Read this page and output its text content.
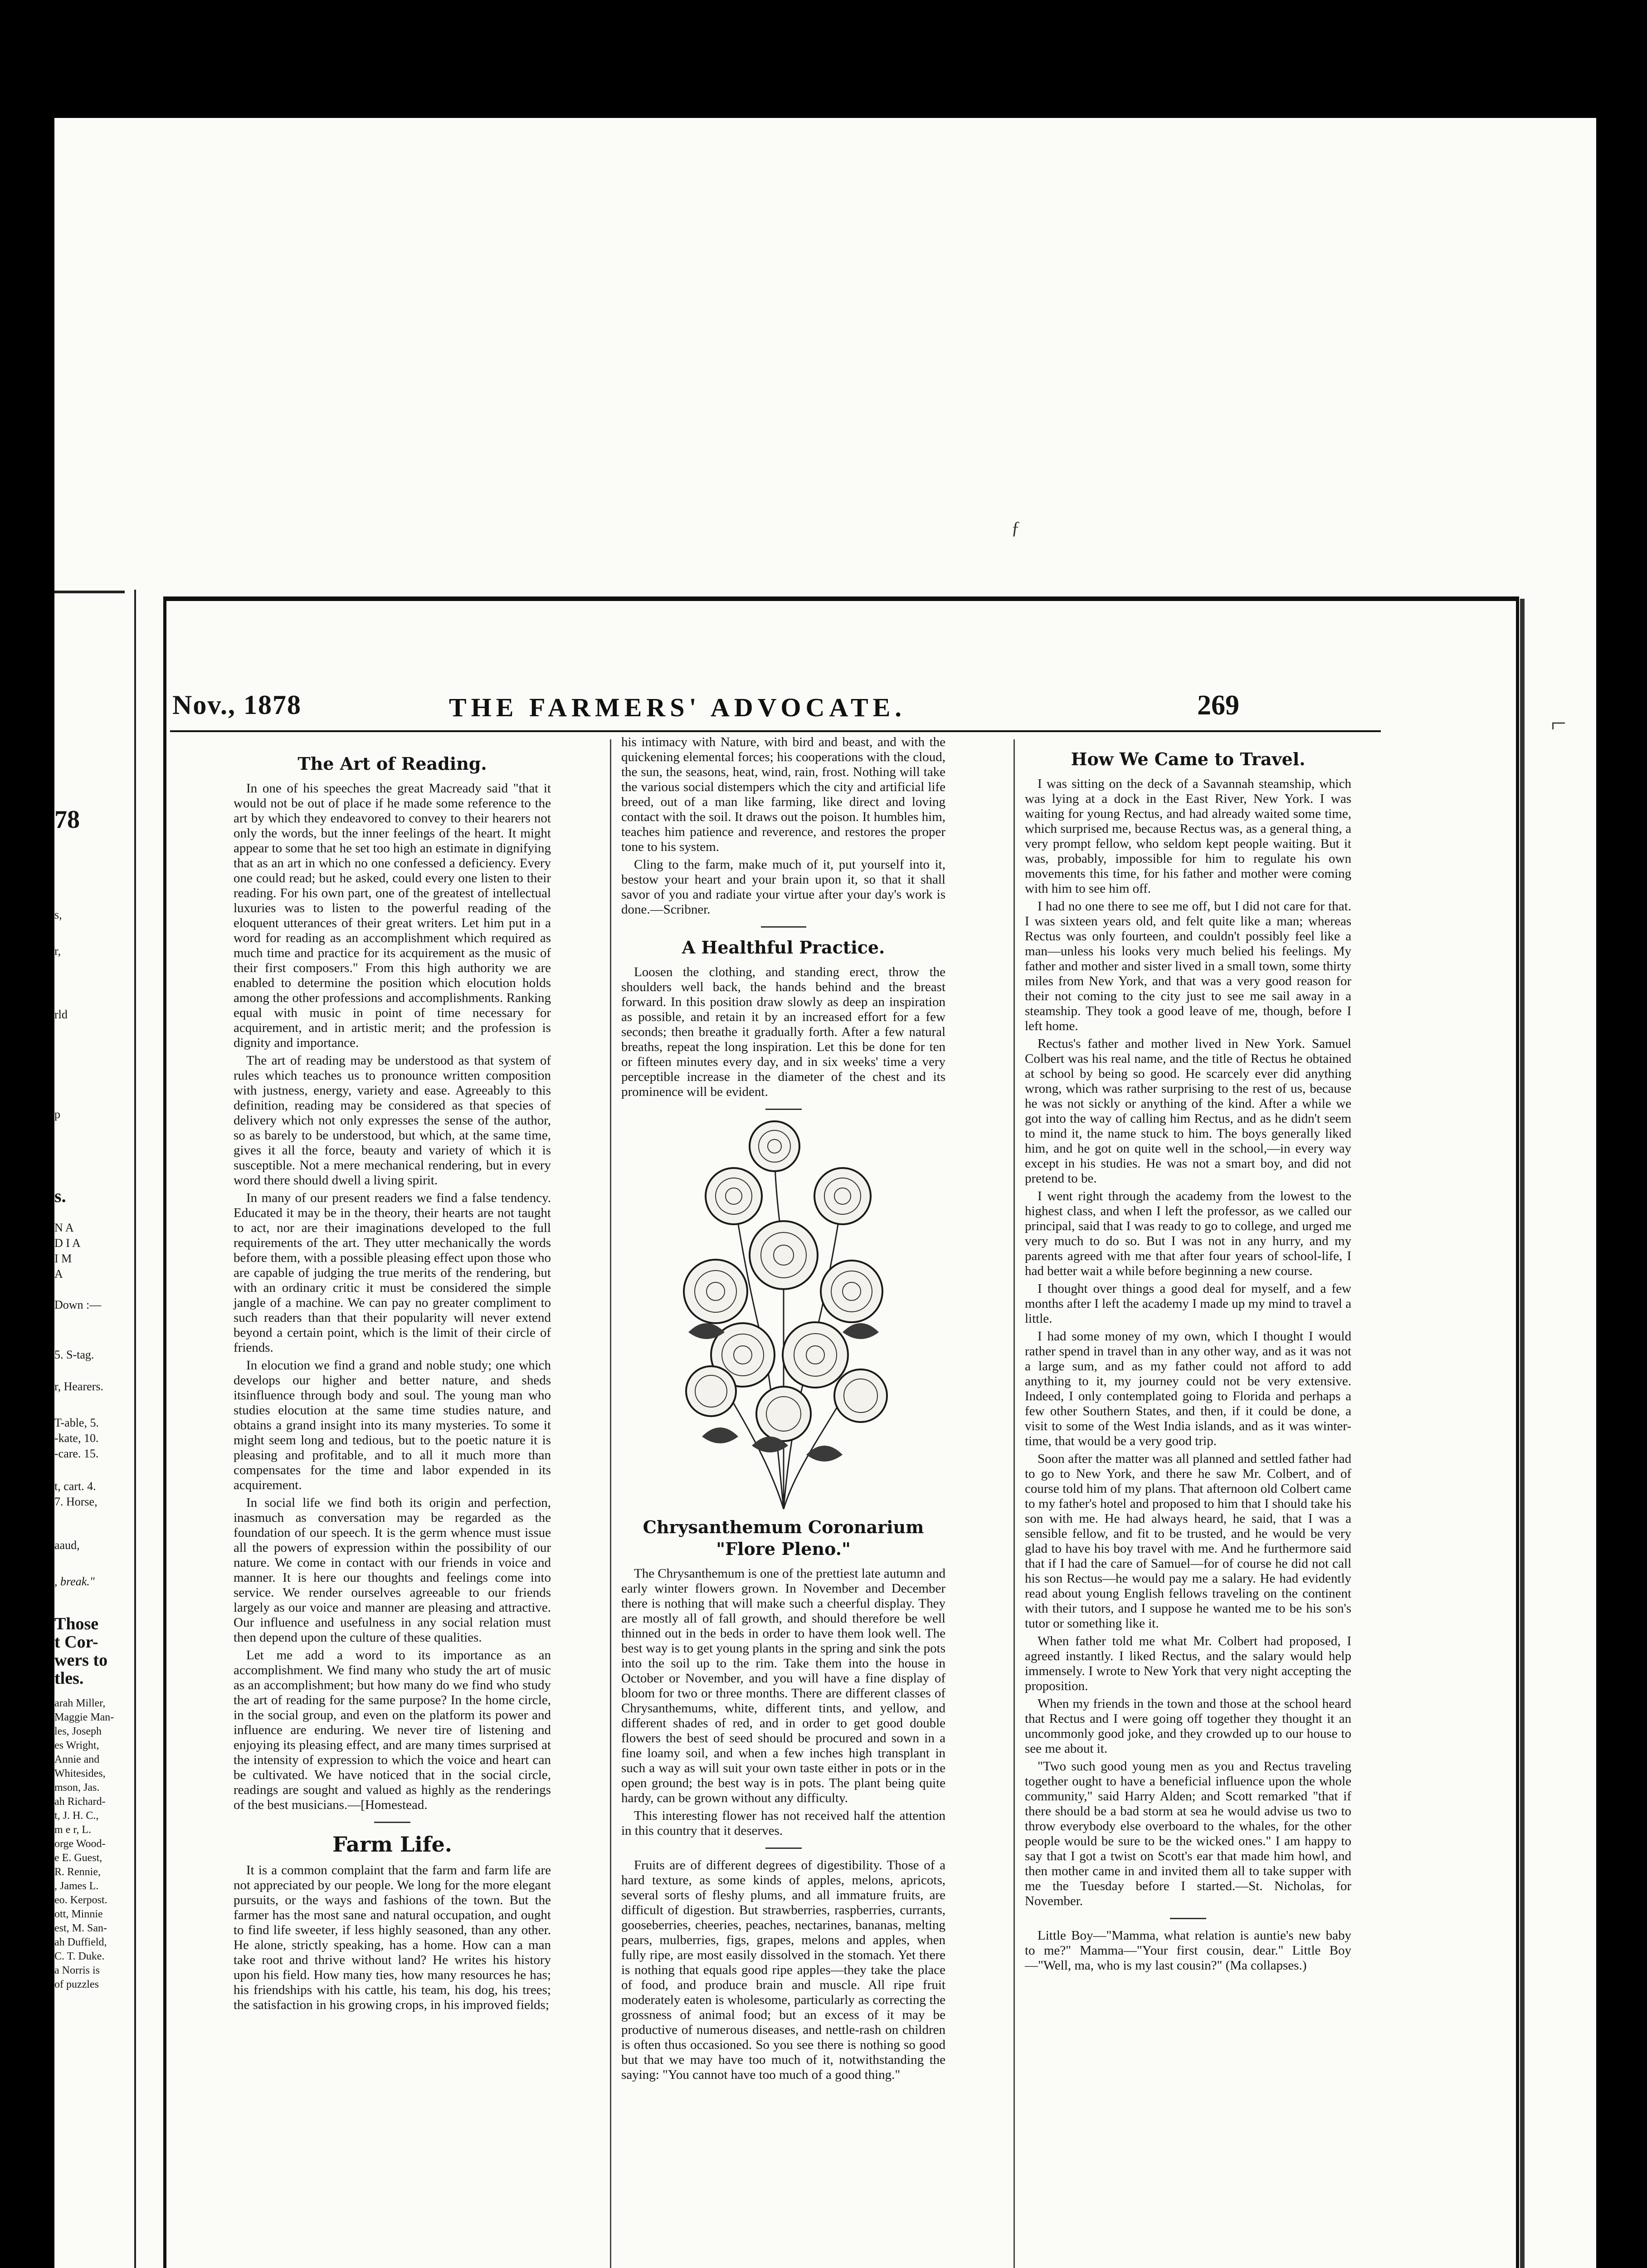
78
s,
r,
rld
p
s.
N A
D I A
I M
A
Down :—
5. S-tag.
r, Hearers.
T-able, 5.
-kate, 10.
-care. 15.
t, cart. 4.
7. Horse,
aaud,
, break."
Those
t Cor-
wers to
tles.
arah Miller,
Maggie Man-
les, Joseph
es Wright,
Annie and
Whitesides,
mson, Jas.
ah Richard-
t, J. H. C.,
m e r, L.
orge Wood-
e E. Guest,
R. Rennie,
, James L.
eo. Kerpost.
ott, Minnie
est, M. San-
ah Duffield,
C. T. Duke.
a Norris is
of puzzles
ƒ
⌐
Nov., 1878	THE FARMERS' ADVOCATE.	269
The Art of Reading.

In one of his speeches the great Macready said "that it would not be out of place if he made some reference to the art by which they endeavored to convey to their hearers not only the words, but the inner feelings of the heart. It might appear to some that he set too high an estimate in dignifying that as an art in which no one confessed a deficiency. Every one could read; but he asked, could every one listen to their reading. For his own part, one of the greatest of intellectual luxuries was to listen to the powerful reading of the eloquent utterances of their great writers. Let him put in a word for reading as an accomplishment which required as much time and practice for its acquirement as the music of their first composers." From this high authority we are enabled to determine the position which elocution holds among the other professions and accomplishments. Ranking equal with music in point of time necessary for acquirement, and in artistic merit; and the profession is dignity and importance.

The art of reading may be understood as that system of rules which teaches us to pronounce written composition with justness, energy, variety and ease. Agreeably to this definition, reading may be considered as that species of delivery which not only expresses the sense of the author, so as barely to be understood, but which, at the same time, gives it all the force, beauty and variety of which it is susceptible. Not a mere mechanical rendering, but in every word there should dwell a living spirit.

In many of our present readers we find a false tendency. Educated it may be in the theory, their hearts are not taught to act, nor are their imaginations developed to the full requirements of the art. They utter mechanically the words before them, with a possible pleasing effect upon those who are capable of judging the true merits of the rendering, but with an ordinary critic it must be considered the simple jangle of a machine. We can pay no greater compliment to such readers than that their popularity will never extend beyond a certain point, which is the limit of their circle of friends.

In elocution we find a grand and noble study; one which develops our higher and better nature, and sheds itsinfluence through body and soul. The young man who studies elocution at the same time studies nature, and obtains a grand insight into its many mysteries. To some it might seem long and tedious, but to the poetic nature it is pleasing and profitable, and to all it much more than compensates for the time and labor expended in its acquirement.

In social life we find both its origin and perfection, inasmuch as conversation may be regarded as the foundation of our speech. It is the germ whence must issue all the powers of expression within the possibility of our nature. We come in contact with our friends in voice and manner. It is here our thoughts and feelings come into service. We render ourselves agreeable to our friends largely as our voice and manner are pleasing and attractive. Our influence and usefulness in any social relation must then depend upon the culture of these qualities.

Let me add a word to its importance as an accomplishment. We find many who study the art of music as an accomplishment; but how many do we find who study the art of reading for the same purpose? In the home circle, in the social group, and even on the platform its power and influence are enduring. We never tire of listening and enjoying its pleasing effect, and are many times surprised at the intensity of expression to which the voice and heart can be cultivated. We have noticed that in the social circle, readings are sought and valued as highly as the renderings of the best musicians.—[Homestead.

Farm Life.

It is a common complaint that the farm and farm life are not appreciated by our people. We long for the more elegant pursuits, or the ways and fashions of the town. But the farmer has the most sane and natural occupation, and ought to find life sweeter, if less highly seasoned, than any other. He alone, strictly speaking, has a home. How can a man take root and thrive without land? He writes his history upon his field. How many ties, how many resources he has; his friendships with his cattle, his team, his dog, his trees; the satisfaction in his growing crops, in his improved fields;

his intimacy with Nature, with bird and beast, and with the quickening elemental forces; his cooperations with the cloud, the sun, the seasons, heat, wind, rain, frost. Nothing will take the various social distempers which the city and artificial life breed, out of a man like farming, like direct and loving contact with the soil. It draws out the poison. It humbles him, teaches him patience and reverence, and restores the proper tone to his system.

Cling to the farm, make much of it, put yourself into it, bestow your heart and your brain upon it, so that it shall savor of you and radiate your virtue after your day's work is done.—Scribner.

A Healthful Practice.

Loosen the clothing, and standing erect, throw the shoulders well back, the hands behind and the breast forward. In this position draw slowly as deep an inspiration as possible, and retain it by an increased effort for a few seconds; then breathe it gradually forth. After a few natural breaths, repeat the long inspiration. Let this be done for ten or fifteen minutes every day, and in six weeks' time a very perceptible increase in the diameter of the chest and its prominence will be evident.

Chrysanthemum Coronarium "Flore Pleno."

The Chrysanthemum is one of the prettiest late autumn and early winter flowers grown. In November and December there is nothing that will make such a cheerful display. They are mostly all of fall growth, and should therefore be well thinned out in the beds in order to have them look well. The best way is to get young plants in the spring and sink the pots into the soil up to the rim. Take them into the house in October or November, and you will have a fine display of bloom for two or three months. There are different classes of Chrysanthemums, white, different tints, and yellow, and different shades of red, and in order to get good double flowers the best of seed should be procured and sown in a fine loamy soil, and when a few inches high transplant in such a way as will suit your own taste either in pots or in the open ground; the best way is in pots. The plant being quite hardy, can be grown without any difficulty.

This interesting flower has not received half the attention in this country that it deserves.

Fruits are of different degrees of digestibility. Those of a hard texture, as some kinds of apples, melons, apricots, several sorts of fleshy plums, and all immature fruits, are difficult of digestion. But strawberries, raspberries, currants, gooseberries, cheeries, peaches, nectarines, bananas, melting pears, mulberries, figs, grapes, melons and apples, when fully ripe, are most easily dissolved in the stomach. Yet there is nothing that equals good ripe apples—they take the place of food, and produce brain and muscle. All ripe fruit moderately eaten is wholesome, particularly as correcting the grossness of animal food; but an excess of it may be productive of numerous diseases, and nettle-rash on children is often thus occasioned. So you see there is nothing so good but that we may have too much of it, notwithstanding the saying: "You cannot have too much of a good thing."

How We Came to Travel.

I was sitting on the deck of a Savannah steamship, which was lying at a dock in the East River, New York. I was waiting for young Rectus, and had already waited some time, which surprised me, because Rectus was, as a general thing, a very prompt fellow, who seldom kept people waiting. But it was, probably, impossible for him to regulate his own movements this time, for his father and mother were coming with him to see him off.

I had no one there to see me off, but I did not care for that. I was sixteen years old, and felt quite like a man; whereas Rectus was only fourteen, and couldn't possibly feel like a man—unless his looks very much belied his feelings. My father and mother and sister lived in a small town, some thirty miles from New York, and that was a very good reason for their not coming to the city just to see me sail away in a steamship. They took a good leave of me, though, before I left home.

Rectus's father and mother lived in New York. Samuel Colbert was his real name, and the title of Rectus he obtained at school by being so good. He scarcely ever did anything wrong, which was rather surprising to the rest of us, because he was not sickly or anything of the kind. After a while we got into the way of calling him Rectus, and as he didn't seem to mind it, the name stuck to him. The boys generally liked him, and he got on quite well in the school,—in every way except in his studies. He was not a smart boy, and did not pretend to be.

I went right through the academy from the lowest to the highest class, and when I left the professor, as we called our principal, said that I was ready to go to college, and urged me very much to do so. But I was not in any hurry, and my parents agreed with me that after four years of school-life, I had better wait a while before beginning a new course.

I thought over things a good deal for myself, and a few months after I left the academy I made up my mind to travel a little.

I had some money of my own, which I thought I would rather spend in travel than in any other way, and as it was not a large sum, and as my father could not afford to add anything to it, my journey could not be very extensive. Indeed, I only contemplated going to Florida and perhaps a few other Southern States, and then, if it could be done, a visit to some of the West India islands, and as it was winter-time, that would be a very good trip.

Soon after the matter was all planned and settled father had to go to New York, and there he saw Mr. Colbert, and of course told him of my plans. That afternoon old Colbert came to my father's hotel and proposed to him that I should take his son with me. He had always heard, he said, that I was a sensible fellow, and fit to be trusted, and he would be very glad to have his boy travel with me. And he furthermore said that if I had the care of Samuel—for of course he did not call his son Rectus—he would pay me a salary. He had evidently read about young English fellows traveling on the continent with their tutors, and I suppose he wanted me to be his son's tutor or something like it.

When father told me what Mr. Colbert had proposed, I agreed instantly. I liked Rectus, and the salary would help immensely. I wrote to New York that very night accepting the proposition.

When my friends in the town and those at the school heard that Rectus and I were going off together they thought it an uncommonly good joke, and they crowded up to our house to see me about it.

"Two such good young men as you and Rectus traveling together ought to have a beneficial influence upon the whole community," said Harry Alden; and Scott remarked "that if there should be a bad storm at sea he would advise us two to throw everybody else overboard to the whales, for the other people would be sure to be the wicked ones." I am happy to say that I got a twist on Scott's ear that made him howl, and then mother came in and invited them all to take supper with me the Tuesday before I started.—St. Nicholas, for November.

Little Boy—"Mamma, what relation is auntie's new baby to me?" Mamma—"Your first cousin, dear." Little Boy—"Well, ma, who is my last cousin?" (Ma collapses.)
